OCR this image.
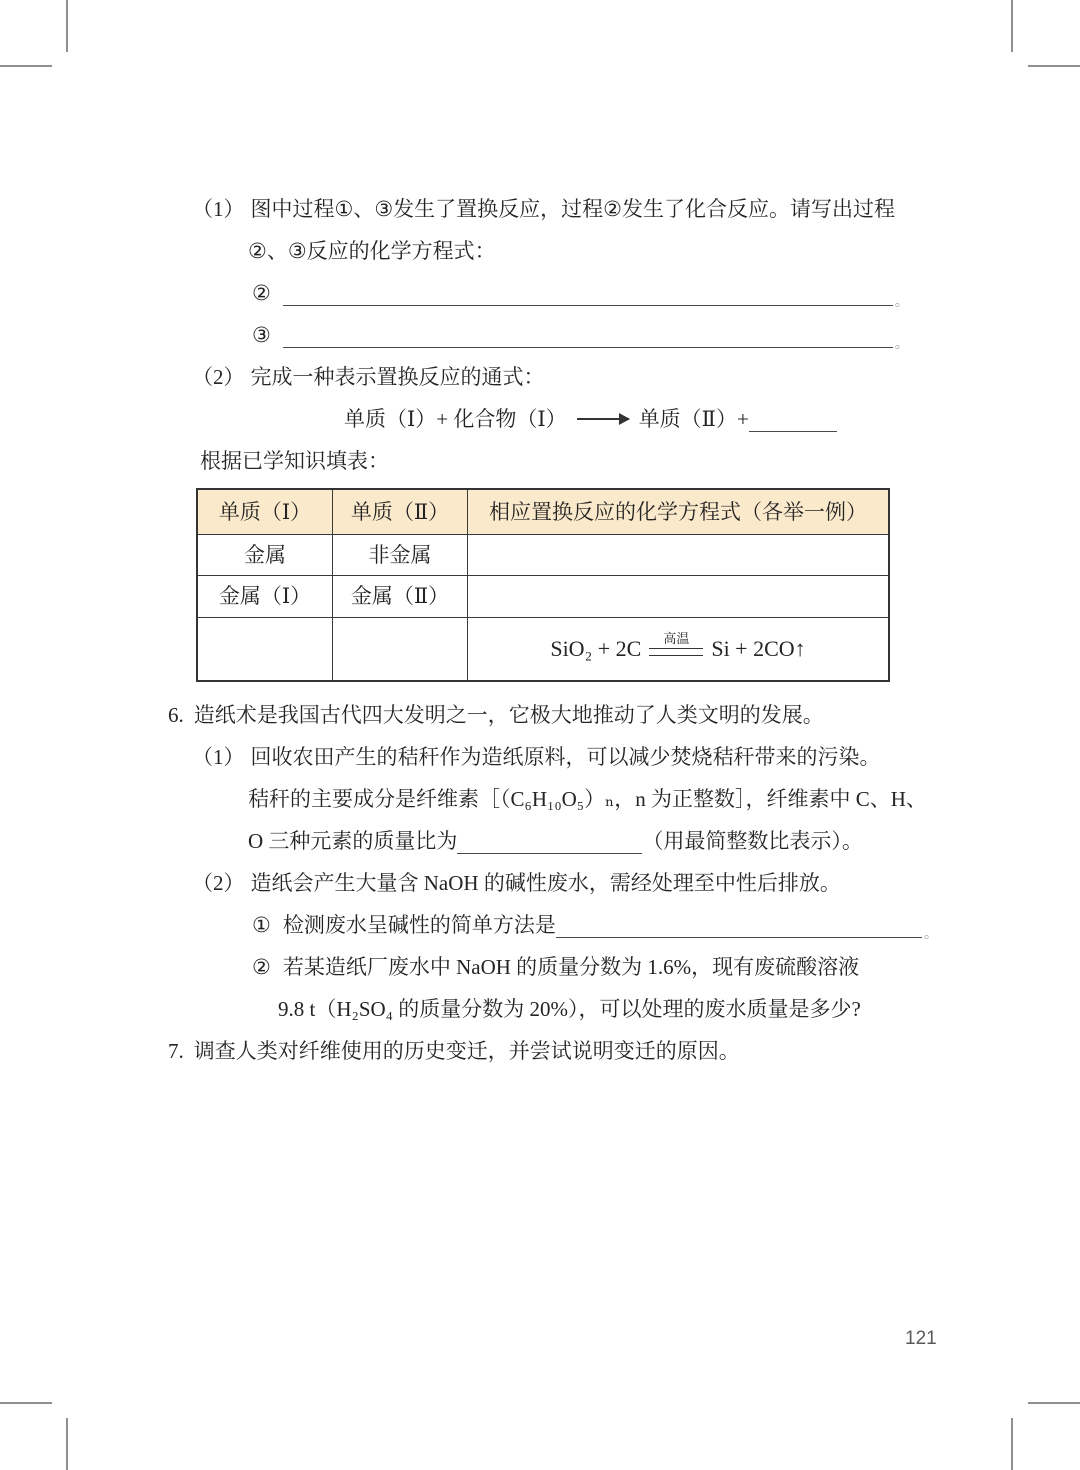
（1） 图中过程①、③发生了置换反应，过程②发生了化合反应。请写出过程
②、③反应的化学方程式：
②	。
③	。
（2） 完成一种表示置换反应的通式：
单质（Ⅰ）+ 化合物（Ⅰ） → 单质（Ⅱ）+
根据已学知识填表：
单质（Ⅰ）	单质（Ⅱ）	相应置换反应的化学方程式（各举一例）
金属	非金属	
金属（Ⅰ）	金属（Ⅱ）	

		SiO₂ + 2C 高温 Si + 2CO↑
6. 造纸术是我国古代四大发明之一，它极大地推动了人类文明的发展。
（1） 回收农田产生的秸秆作为造纸原料，可以减少焚烧秸秆带来的污染。
秸秆的主要成分是纤维素［（C₆H₁₀O₅）ₙ，n 为正整数］，纤维素中 C、H、
O 三种元素的质量比为	（用最简整数比表示）。
（2） 造纸会产生大量含 NaOH 的碱性废水，需经处理至中性后排放。
① 检测废水呈碱性的简单方法是	。
② 若某造纸厂废水中 NaOH 的质量分数为 1.6%，现有废硫酸溶液
9.8 t（H₂SO₄ 的质量分数为 20%），可以处理的废水质量是多少?
7. 调查人类对纤维使用的历史变迁，并尝试说明变迁的原因。
121
